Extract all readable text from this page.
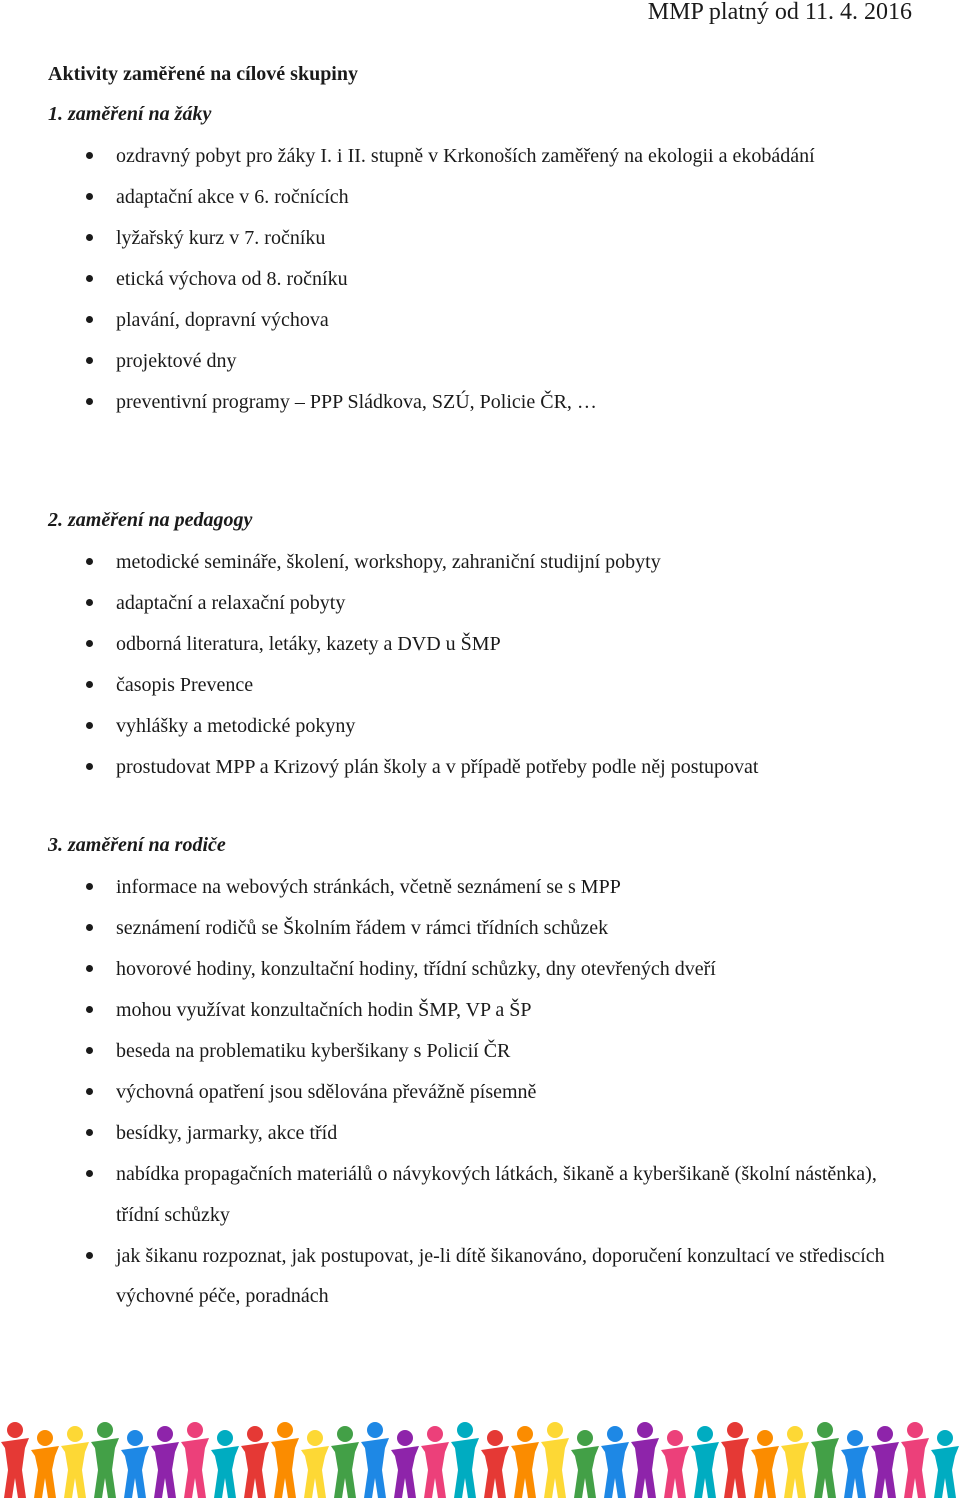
MMP platný od 11. 4. 2016
Aktivity zaměřené na cílové skupiny
1. zaměření na žáky
ozdravný pobyt pro žáky I. i II. stupně v Krkonoších zaměřený na ekologii a ekobádání
adaptační akce v 6. ročnících
lyžařský kurz v 7. ročníku
etická výchova od 8. ročníku
plavání, dopravní výchova
projektové dny
preventivní programy – PPP Sládkova, SZÚ, Policie ČR, …
2. zaměření na pedagogy
metodické semináře, školení, workshopy, zahraniční studijní pobyty
adaptační a relaxační pobyty
odborná literatura, letáky, kazety a DVD u ŠMP
časopis Prevence
vyhlášky a metodické pokyny
prostudovat MPP a Krizový plán školy a v případě potřeby podle něj postupovat
3. zaměření na rodiče
informace na webových stránkách, včetně seznámení se s MPP
seznámení rodičů se Školním řádem v rámci třídních schůzek
hovorové hodiny, konzultační hodiny, třídní schůzky, dny otevřených dveří
mohou využívat konzultačních hodin ŠMP, VP a ŠP
beseda na problematiku kyberšikany s Policií ČR
výchovná opatření jsou sdělována převážně písemně
besídky, jarmarky, akce tříd
nabídka propagačních materiálů o návykových látkách, šikaně a kyberšikaně (školní nástěnka), třídní schůzky
jak šikanu rozpoznat, jak postupovat, je-li dítě šikanováno, doporučení konzultací ve střediscích výchovné péče, poradnách
